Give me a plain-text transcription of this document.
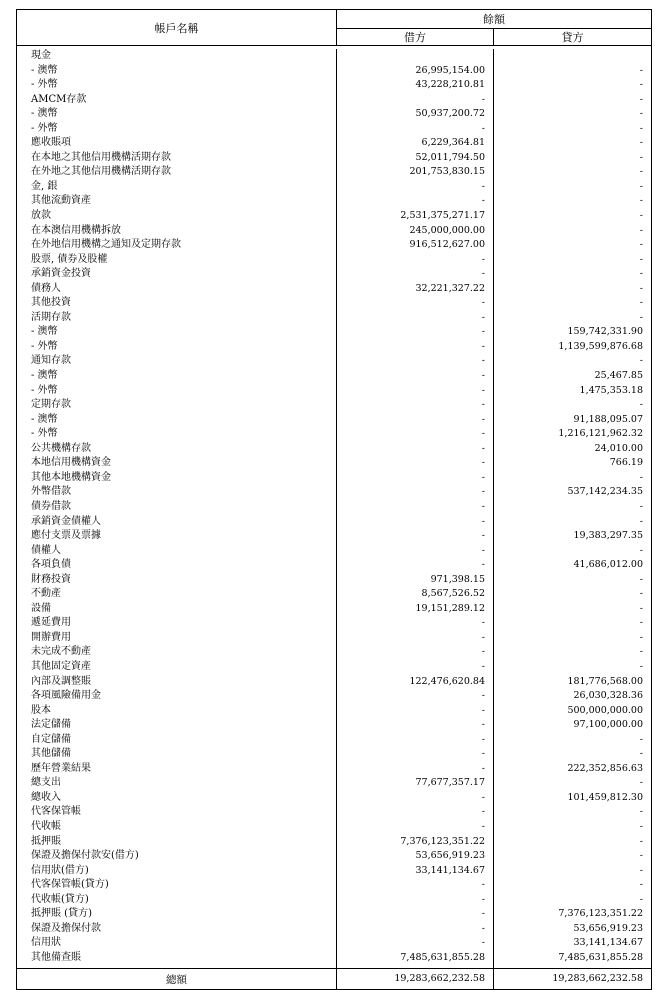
帳戶名稱	餘額	
	借方	貸方

現金		
- 澳幣	26,995,154.00	-
- 外幣	43,228,210.81	-
AMCM存款	-	-
- 澳幣	50,937,200.72	-
- 外幣	-	-
應收賬項	6,229,364.81	-
在本地之其他信用機構活期存款	52,011,794.50	-
在外地之其他信用機構活期存款	201,753,830.15	-
金, 銀	-	-
其他流動資產	-	-
放款	2,531,375,271.17	-
在本澳信用機構拆放	245,000,000.00	-
在外地信用機構之通知及定期存款	916,512,627.00	-
股票, 債券及股權	-	-
承銷資金投資	-	-
債務人	32,221,327.22	-
其他投資	-	-
活期存款	-	-
- 澳幣	-	159,742,331.90
- 外幣	-	1,139,599,876.68
通知存款	-	-
- 澳幣	-	25,467.85
- 外幣	-	1,475,353.18
定期存款	-	-
- 澳幣	-	91,188,095.07
- 外幣	-	1,216,121,962.32
公共機構存款	-	24,010.00
本地信用機構資金	-	766.19
其他本地機構資金	-	-
外幣借款	-	537,142,234.35
債券借款	-	-
承銷資金債權人	-	-
應付支票及票據	-	19,383,297.35
債權人	-	-
各項負債	-	41,686,012.00
財務投資	971,398.15	-
不動產	8,567,526.52	-
設備	19,151,289.12	-
遞延費用	-	-
開辦費用	-	-
未完成不動產	-	-
其他固定資產	-	-
內部及調整賬	122,476,620.84	181,776,568.00
各項風險備用金	-	26,030,328.36
股本	-	500,000,000.00
法定儲備	-	97,100,000.00
自定儲備	-	-
其他儲備	-	-
歷年營業結果	-	222,352,856.63
總支出	77,677,357.17	-
總收入	-	101,459,812.30
代客保管帳	-	-
代收帳	-	-
抵押賬	7,376,123,351.22	-
保證及擔保付款安(借方)	53,656,919.23	-
信用狀(借方)	33,141,134.67	-
代客保管帳(貸方)	-	-
代收帳(貸方)	-	-
抵押賬 (貸方)	-	7,376,123,351.22
保證及擔保付款	-	53,656,919.23
信用狀	-	33,141,134.67
其他備查賬	7,485,631,855.28	7,485,631,855.28

總額	19,283,662,232.58	19,283,662,232.58
